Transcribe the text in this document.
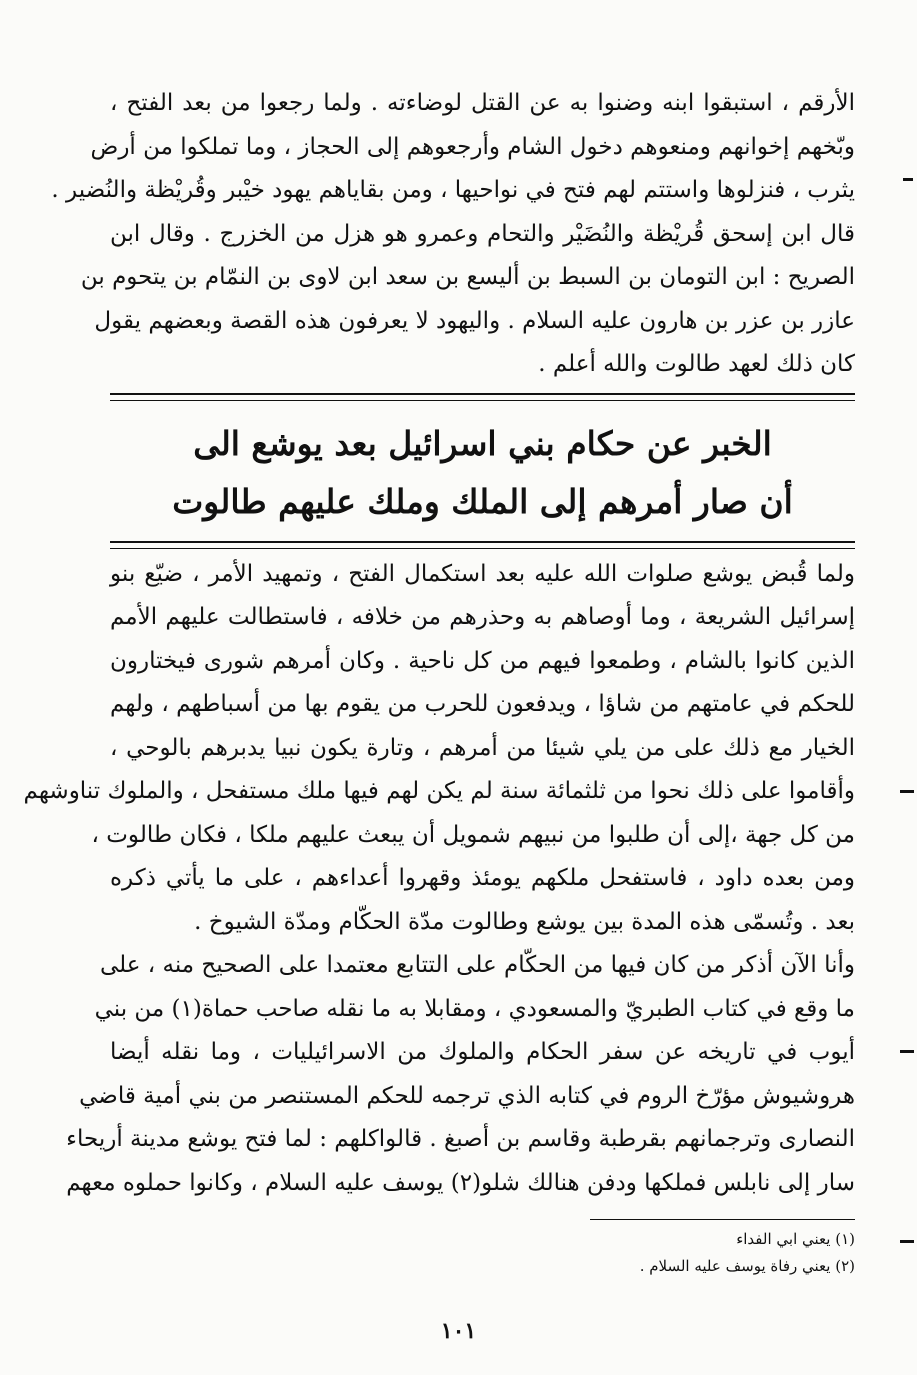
الأرقم ، استبقوا ابنه وضنوا به عن القتل لوضاءته . ولما رجعوا من بعد الفتح ،
وبّخهم إخوانهم ومنعوهم دخول الشام وأرجعوهم إلى الحجاز ، وما تملكوا من أرض
يثرب ، فنزلوها واستتم لهم فتح في نواحيها ، ومن بقاياهم يهود خيْبر وقُريْظة والنُضير .
قال ابن إسحق قُريْظة والنُضَيْر والتحام وعمرو هو هزل من الخزرج . وقال ابن
الصريح : ابن التومان بن السبط بن أليسع بن سعد ابن لاوى بن النمّام بن يتحوم بن
عازر بن عزر بن هارون عليه السلام . واليهود لا يعرفون هذه القصة وبعضهم يقول
كان ذلك لعهد طالوت والله أعلم .
الخبر عن حكام بني اسرائيل بعد يوشع الى
أن صار أمرهم إلى الملك وملك عليهم طالوت
ولما قُبض يوشع صلوات الله عليه بعد استكمال الفتح ، وتمهيد الأمر ، ضيّع بنو
إسرائيل الشريعة ، وما أوصاهم به وحذرهم من خلافه ، فاستطالت عليهم الأمم
الذين كانوا بالشام ، وطمعوا فيهم من كل ناحية . وكان أمرهم شورى فيختارون
للحكم في عامتهم من شاؤا ، ويدفعون للحرب من يقوم بها من أسباطهم ، ولهم
الخيار مع ذلك على من يلي شيئا من أمرهم ، وتارة يكون نبيا يدبرهم بالوحي ،
وأقاموا على ذلك نحوا من ثلثمائة سنة لم يكن لهم فيها ملك مستفحل ، والملوك تناوشهم
من كل جهة ،إلى أن طلبوا من نبيهم شمويل أن يبعث عليهم ملكا ، فكان طالوت ،
ومن بعده داود ، فاستفحل ملكهم يومئذ وقهروا أعداءهم ، على ما يأتي ذكره
بعد . وتُسمّى هذه المدة بين يوشع وطالوت مدّة الحكّام ومدّة الشيوخ .
وأنا الآن أذكر من كان فيها من الحكّام على التتابع معتمدا على الصحيح منه ، على
ما وقع في كتاب الطبريّ والمسعودي ، ومقابلا به ما نقله صاحب حماة(١) من بني
أيوب في تاريخه عن سفر الحكام والملوك من الاسرائيليات ، وما نقله أيضا
هروشيوش مؤرّخ الروم في كتابه الذي ترجمه للحكم المستنصر من بني أمية قاضي
النصارى وترجمانهم بقرطبة وقاسم بن أصبغ . قالواكلهم : لما فتح يوشع مدينة أريحاء
سار إلى نابلس فملكها ودفن هنالك شلو(٢) يوسف عليه السلام ، وكانوا حملوه معهم

(١) يعني ابي الفداء

(٢) يعني رفاة يوسف عليه السلام .

١٠١
